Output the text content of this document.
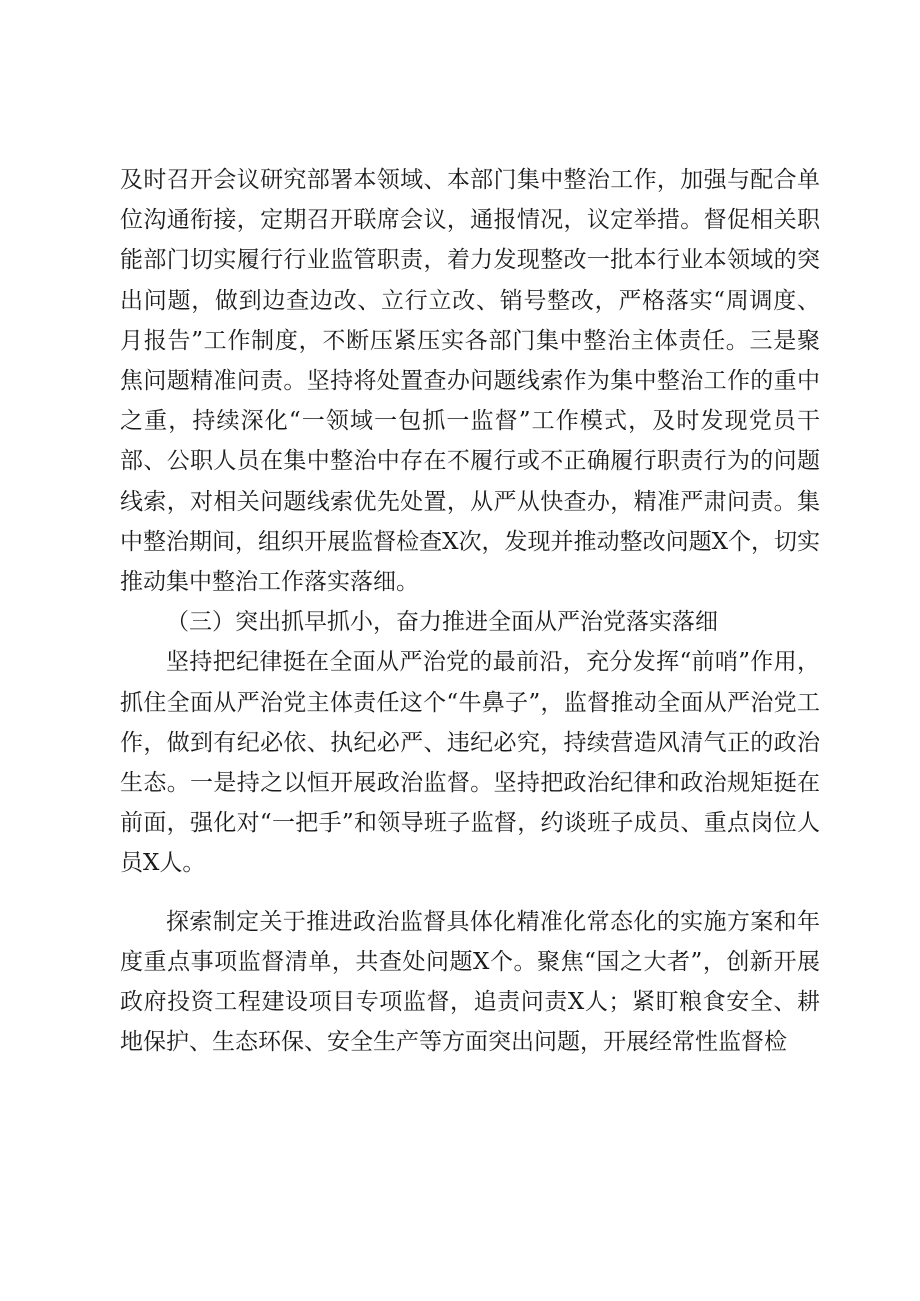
及时召开会议研究部署本领域、本部门集中整治工作，加强与配合单位沟通衔接，定期召开联席会议，通报情况，议定举措。督促相关职能部门切实履行行业监管职责，着力发现整改一批本行业本领域的突出问题，做到边查边改、立行立改、销号整改，严格落实“周调度、月报告”工作制度，不断压紧压实各部门集中整治主体责任。三是聚焦问题精准问责。坚持将处置查办问题线索作为集中整治工作的重中之重，持续深化“一领域一包抓一监督”工作模式，及时发现党员干部、公职人员在集中整治中存在不履行或不正确履行职责行为的问题线索，对相关问题线索优先处置，从严从快查办，精准严肃问责。集中整治期间，组织开展监督检查X次，发现并推动整改问题X个，切实推动集中整治工作落实落细。

（三）突出抓早抓小，奋力推进全面从严治党落实落细

坚持把纪律挺在全面从严治党的最前沿，充分发挥“前哨”作用，抓住全面从严治党主体责任这个“牛鼻子”，监督推动全面从严治党工作，做到有纪必依、执纪必严、违纪必究，持续营造风清气正的政治生态。一是持之以恒开展政治监督。坚持把政治纪律和政治规矩挺在前面，强化对“一把手”和领导班子监督，约谈班子成员、重点岗位人员X人。

探索制定关于推进政治监督具体化精准化常态化的实施方案和年度重点事项监督清单，共查处问题X个。聚焦“国之大者”，创新开展政府投资工程建设项目专项监督，追责问责X人；紧盯粮食安全、耕地保护、生态环保、安全生产等方面突出问题，开展经常性监督检
